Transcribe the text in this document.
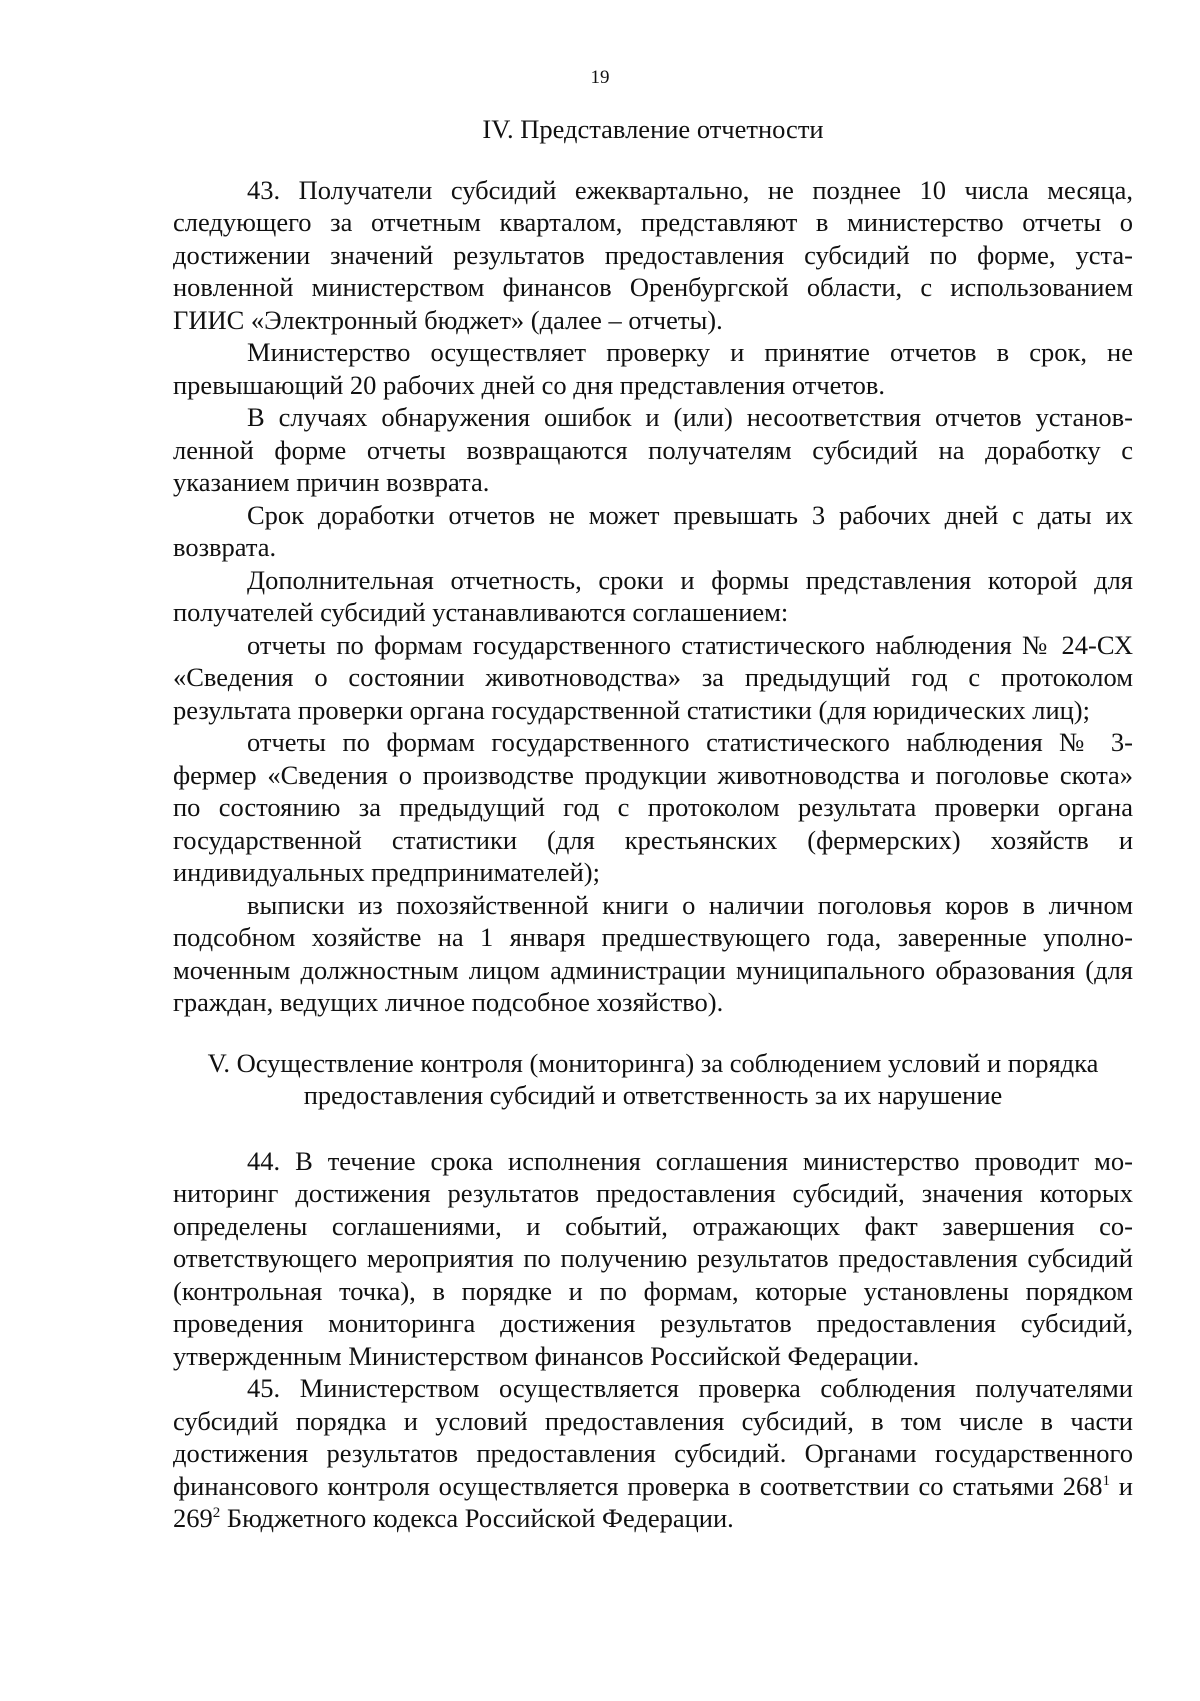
19
IV. Представление отчетности

43. Получатели субсидий ежеквартально, не позднее 10 числа месяца, следующего за отчетным кварталом, представляют в министерство отчеты о достижении значений результатов предоставления субсидий по форме, установленной министерством финансов Оренбургской области, с использованием ГИИС «Электронный бюджет» (далее – отчеты).

Министерство осуществляет проверку и принятие отчетов в срок, не превышающий 20 рабочих дней со дня представления отчетов.

В случаях обнаружения ошибок и (или) несоответствия отчетов установленной форме отчеты возвращаются получателям субсидий на доработку с указанием причин возврата.

Срок доработки отчетов не может превышать 3 рабочих дней с даты их возврата.

Дополнительная отчетность, сроки и формы представления которой для получателей субсидий устанавливаются соглашением:

отчеты по формам государственного статистического наблюдения № 24-СХ «Сведения о состоянии животноводства» за предыдущий год с протоколом результата проверки органа государственной статистики (для юридических лиц);

отчеты по формам государственного статистического наблюдения № 3-фермер «Сведения о производстве продукции животноводства и поголовье скота» по состоянию за предыдущий год с протоколом результата проверки органа государственной статистики (для крестьянских (фермерских) хозяйств и индивидуальных предпринимателей);

выписки из похозяйственной книги о наличии поголовья коров в личном подсобном хозяйстве на 1 января предшествующего года, заверенные уполномоченным должностным лицом администрации муниципального образования (для граждан, ведущих личное подсобное хозяйство).

V. Осуществление контроля (мониторинга) за соблюдением условий и порядка предоставления субсидий и ответственность за их нарушение

44. В течение срока исполнения соглашения министерство проводит мониторинг достижения результатов предоставления субсидий, значения которых определены соглашениями, и событий, отражающих факт завершения соответствующего мероприятия по получению результатов предоставления субсидий (контрольная точка), в порядке и по формам, которые установлены порядком проведения мониторинга достижения результатов предоставления субсидий, утвержденным Министерством финансов Российской Федерации.

45. Министерством осуществляется проверка соблюдения получателями субсидий порядка и условий предоставления субсидий, в том числе в части достижения результатов предоставления субсидий. Органами государственного финансового контроля осуществляется проверка в соответствии со статьями $268^1$ и $269^2$ Бюджетного кодекса Российской Федерации.
